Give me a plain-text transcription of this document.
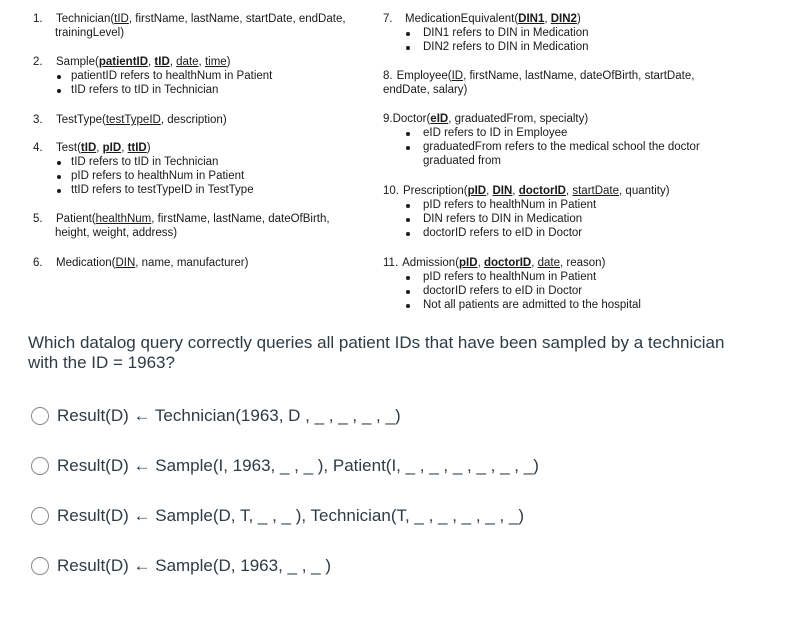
1. Technician(tID, firstName, lastName, startDate, endDate,
trainingLevel)
2. Sample(patientID, tID, date, time)
patientID refers to healthNum in Patient
tID refers to tID in Technician
3. TestType(testTypeID, description)
4. Test(tID, pID, ttID)
tID refers to tID in Technician
pID refers to healthNum in Patient
ttID refers to testTypeID in TestType
5. Patient(healthNum, firstName, lastName, dateOfBirth,
height, weight, address)
6. Medication(DIN, name, manufacturer)
7. MedicationEquivalent(DIN1, DIN2)
DIN1 refers to DIN in Medication
DIN2 refers to DIN in Medication
8. Employee(ID, firstName, lastName, dateOfBirth, startDate,
endDate, salary)
9.Doctor(eID, graduatedFrom, specialty)
eID refers to ID in Employee
graduatedFrom refers to the medical school the doctor
graduated from
10. Prescription(pID, DIN, doctorID, startDate, quantity)
pID refers to healthNum in Patient
DIN refers to DIN in Medication
doctorID refers to eID in Doctor
11. Admission(pID, doctorID, date, reason)
pID refers to healthNum in Patient
doctorID refers to eID in Doctor
Not all patients are admitted to the hospital
Which datalog query correctly queries all patient IDs that have been sampled by a technician with the ID = 1963?
Result(D) ← Technician(1963, D , _ , _ , _ , _)
Result(D) ← Sample(I, 1963, _ , _ ), Patient(I, _ , _ , _ , _ , _ , _)
Result(D) ← Sample(D, T, _ , _ ), Technician(T, _ , _ , _ , _ , _)
Result(D) ← Sample(D, 1963, _ , _ )
